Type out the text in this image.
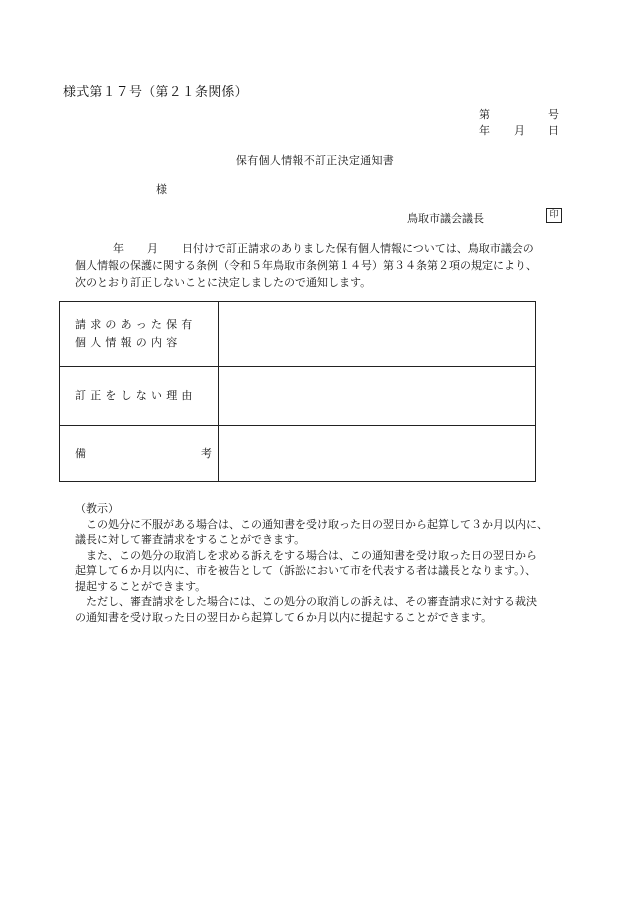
様式第１７号（第２１条関係）
第	号
年 月 日
保有個人情報不訂正決定通知書
様
鳥取市議会議長	印
年 月 日付けで訂正請求のありました保有個人情報については、鳥取市議会の
個人情報の保護に関する条例（令和５年鳥取市条例第１４号）第３４条第２項の規定により、
次のとおり訂正しないことに決定しましたので通知します。
請求のあった保有
個人情報の内容	

訂正をしない理由	

備 考	

（教示）
この処分に不服がある場合は、この通知書を受け取った日の翌日から起算して３か月以内に、
議長に対して審査請求をすることができます。
また、この処分の取消しを求める訴えをする場合は、この通知書を受け取った日の翌日から
起算して６か月以内に、市を被告として（訴訟において市を代表する者は議長となります。）、
提起することができます。
ただし、審査請求をした場合には、この処分の取消しの訴えは、その審査請求に対する裁決
の通知書を受け取った日の翌日から起算して６か月以内に提起することができます。
